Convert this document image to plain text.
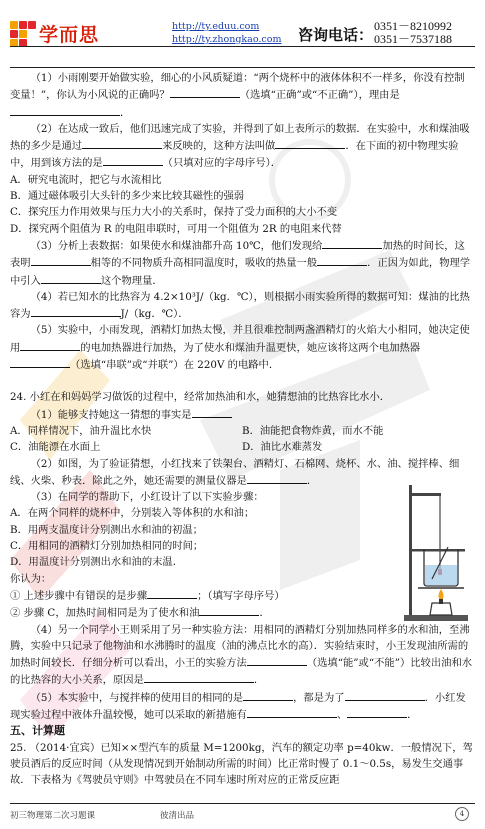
学而思	http://ty.eduu.com
http://ty.zhongkao.com 咨询电话： 0351－8210992
0351－7537188

（1）小雨刚要开始做实验，细心的小风质疑道：“两个烧杯中的液体体积不一样多，你没有控制变量！”，你认为小风说的正确吗？	（选填“正确”或“不正确”），理由是．

（2）在达成一致后，他们迅速完成了实验，并得到了如上表所示的数据．在实验中，水和煤油吸热的多少是通过	来反映的，这种方法叫做	．在下面的初中物理实验中，用到该方法的是	（只填对应的字母序号）．

A．研究电流时，把它与水流相比

B．通过磁体吸引大头针的多少来比较其磁性的强弱

C．探究压力作用效果与压力大小的关系时，保持了受力面积的大小不变

D．探究两个阻值为 R 的电阻串联时，可用一个阻值为 2R 的电阻来代替

（3）分析上表数据：如果使水和煤油都升高 10℃，他们发现给	加热的时间长，这表明	相等的不同物质升高相同温度时，吸收的热量一般	．正因为如此，物理学中引入	这个物理量．

（4）若已知水的比热容为 4.2×10³J/（kg．℃），则根据小雨实验所得的数据可知：煤油的比热容为	J/（kg．℃）．

（5）实验中，小雨发现，酒精灯加热太慢，并且很难控制两盏酒精灯的火焰大小相同，她决定使用	的电加热器进行加热，为了使水和煤油升温更快，她应该将这两个电加热器（选填“串联”或“并联”）在 220V 的电路中．

24. 小红在和妈妈学习做饭的过程中，经常加热油和水，她猜想油的比热容比水小．

（1）能够支持她这一猜想的事实是

A．同样情况下，油升温比水快	B．油能把食物炸黄，而水不能
C．油能漂在水面上	D．油比水难蒸发

（2）如图，为了验证猜想，小红找来了铁架台、酒精灯、石棉网、烧杯、水、油、搅拌棒、细线、火柴、秒表．除此之外，她还需要的测量仪器是	．

（3）在同学的帮助下，小红设计了以下实验步骤：

A．在两个同样的烧杯中，分别装入等体积的水和油；

B．用两支温度计分别测出水和油的初温；

C．用相同的酒精灯分别加热相同的时间；

D．用温度计分别测出水和油的末温．

你认为：

① 上述步骤中有错误的是步骤	；（填写字母序号）

② 步骤 C，加热时间相同是为了使水和油	．

（4）另一个同学小王则采用了另一种实验方法：用相同的酒精灯分别加热同样多的水和油，至沸腾，实验中只记录了他物油和水沸腾时的温度（油的沸点比水的高）．实验结束时，小王发现油所需的加热时间较长．仔细分析可以看出，小王的实验方法	（选填“能”或“不能”）比较出油和水的比热容的大小关系，原因是	．

（5）本实验中，与搅拌棒的使用目的相同的是	，都是为了	．小红发现实验过程中液体升温较慢，她可以采取的新措施有	、	．

五、计算题

25. （2014·宜宾）已知××型汽车的质量 M=1200kg，汽车的额定功率 p=40kw．一般情况下，驾驶员酒后的反应时间（从发现情况到开始制动所需的时间）比正常时慢了 0.1～0.5s，易发生交通事故．下表格为《驾驶员守则》中驾驶员在不同车速时所对应的正常反应距

初三物理第二次习题课	彼清出品	4
